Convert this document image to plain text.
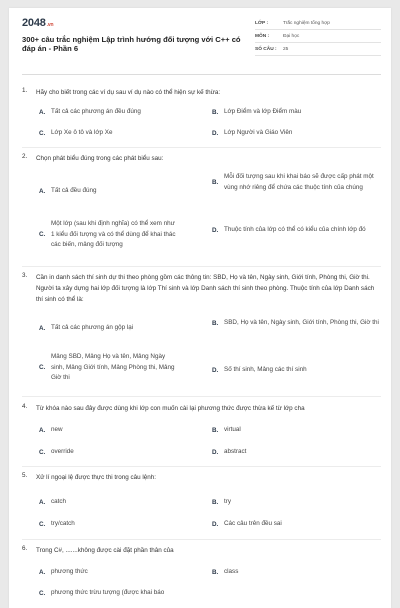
2048.vn
300+ câu trắc nghiệm Lập trình hướng đối tượng với C++ có đáp án - Phần 6
LỚP :	Trắc nghiệm tổng hợp
MÔN :	Đại học
SỐ CÂU :	25
1.	Hãy cho biết trong các ví dụ sau ví dụ nào có thể hiện sự kế thừa:
A. Tất cả các phương án đều đúng	B. Lớp Điểm và lớp Điểm màu
C. Lớp Xe ô tô và lớp Xe	D. Lớp Người và Giáo Viên
2.	Chọn phát biểu đúng trong các phát biểu sau:
A. Tất cả đều đúng
B.
Mỗi đối tượng sau khi khai báo sẽ được cấp phát một vùng nhớ riêng để chứa các thuộc tính của chúng
C.
Một lớp (sau khi định nghĩa) có thể xem như 1 kiểu đối tượng và có thể dùng để khai thác các biến, mảng đối tượng
D. Thuộc tính của lớp có thể có kiểu của chính lớp đó
3.	Cần in danh sách thí sinh dự thi theo phòng gồm các thông tin: SBD, Họ và tên, Ngày sinh, Giới tính, Phòng thi, Giờ thi. Người ta xây dựng hai lớp đối tượng là lớp Thí sinh và lớp Danh sách thí sinh theo phòng. Thuộc tính của lớp Danh sách thí sinh có thể là:
A. Tất cả các phương án gộp lại
B. SBD, Họ và tên, Ngày sinh, Giới tính, Phòng thi, Giờ thi
C.
Mảng SBD, Mảng Họ và tên, Mảng Ngày sinh, Mảng Giới tính, Mảng Phòng thi, Mảng Giờ thi
D. Số thí sinh, Mảng các thí sinh
4.	Từ khóa nào sau đây được dùng khi lớp con muốn cài lại phương thức được thừa kế từ lớp cha
A. new	B. virtual
C. override	D. abstract
5.	Xử lí ngoại lệ được thực thi trong câu lệnh:
A. catch	B. try
C. try/catch	D. Các câu trên đều sai
6.	Trong C#, .......không được cài đặt phần thân của
A. phương thức	B. class
C. phương thức trừu tượng (được khai báo
